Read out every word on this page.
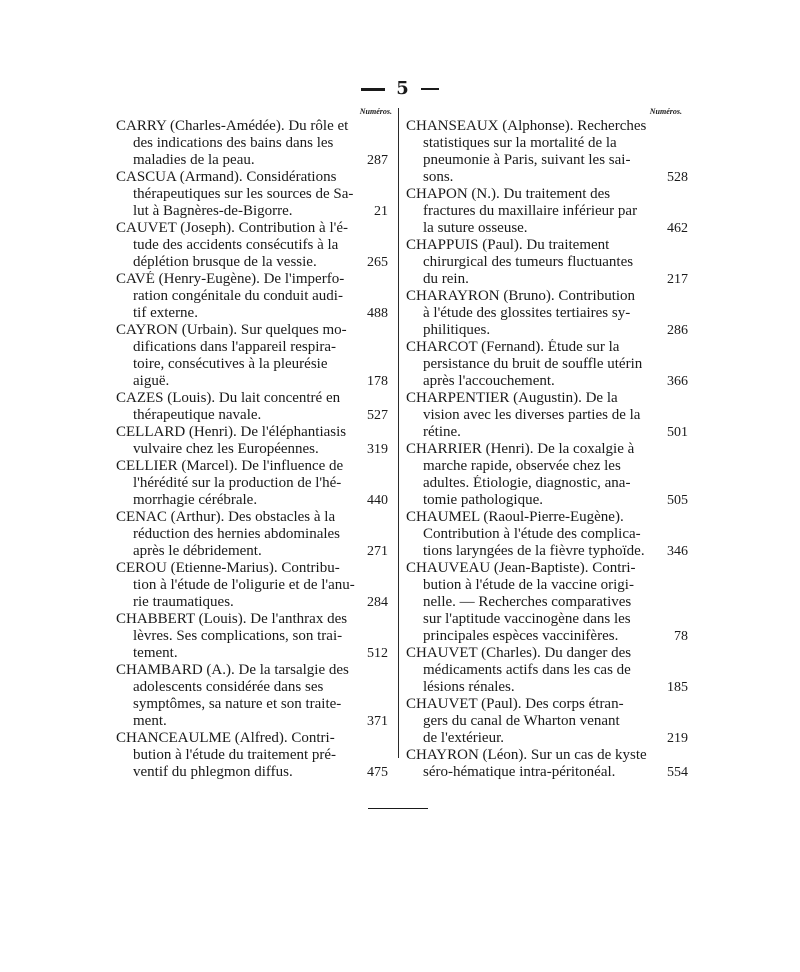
5
Numéros.
CARRY (Charles-Amédée). Du rôle et
des indications des bains dans les
maladies de la peau.	287
CASCUA (Armand). Considérations
thérapeutiques sur les sources de Sa-
lut à Bagnères-de-Bigorre.	21
CAUVET (Joseph). Contribution à l'é-
tude des accidents consécutifs à la
déplétion brusque de la vessie.	265
CAVÉ (Henry-Eugène). De l'imperfo-
ration congénitale du conduit audi-
tif externe.	488
CAYRON (Urbain). Sur quelques mo-
difications dans l'appareil respira-
toire, consécutives à la pleurésie
aiguë.	178
CAZES (Louis). Du lait concentré en
thérapeutique navale.	527
CELLARD (Henri). De l'éléphantiasis
vulvaire chez les Européennes.	319
CELLIER (Marcel). De l'influence de
l'hérédité sur la production de l'hé-
morrhagie cérébrale.	440
CENAC (Arthur). Des obstacles à la
réduction des hernies abdominales
après le débridement.	271
CEROU (Etienne-Marius). Contribu-
tion à l'étude de l'oligurie et de l'anu-
rie traumatiques.	284
CHABBERT (Louis). De l'anthrax des
lèvres. Ses complications, son trai-
tement.	512
CHAMBARD (A.). De la tarsalgie des
adolescents considérée dans ses
symptômes, sa nature et son traite-
ment.	371
CHANCEAULME (Alfred). Contri-
bution à l'étude du traitement pré-
ventif du phlegmon diffus.	475
Numéros.
CHANSEAUX (Alphonse). Recherches
statistiques sur la mortalité de la
pneumonie à Paris, suivant les sai-
sons.	528
CHAPON (N.). Du traitement des
fractures du maxillaire inférieur par
la suture osseuse.	462
CHAPPUIS (Paul). Du traitement
chirurgical des tumeurs fluctuantes
du rein.	217
CHARAYRON (Bruno). Contribution
à l'étude des glossites tertiaires sy-
philitiques.	286
CHARCOT (Fernand). Étude sur la
persistance du bruit de souffle utérin
après l'accouchement.	366
CHARPENTIER (Augustin). De la
vision avec les diverses parties de la
rétine.	501
CHARRIER (Henri). De la coxalgie à
marche rapide, observée chez les
adultes. Étiologie, diagnostic, ana-
tomie pathologique.	505
CHAUMEL (Raoul-Pierre-Eugène).
Contribution à l'étude des complica-
tions laryngées de la fièvre typhoïde.	346
CHAUVEAU (Jean-Baptiste). Contri-
bution à l'étude de la vaccine origi-
nelle. — Recherches comparatives
sur l'aptitude vaccinogène dans les
principales espèces vaccinifères.	78
CHAUVET (Charles). Du danger des
médicaments actifs dans les cas de
lésions rénales.	185
CHAUVET (Paul). Des corps étran-
gers du canal de Wharton venant
de l'extérieur.	219
CHAYRON (Léon). Sur un cas de kyste
séro-hématique intra-péritonéal.	554
